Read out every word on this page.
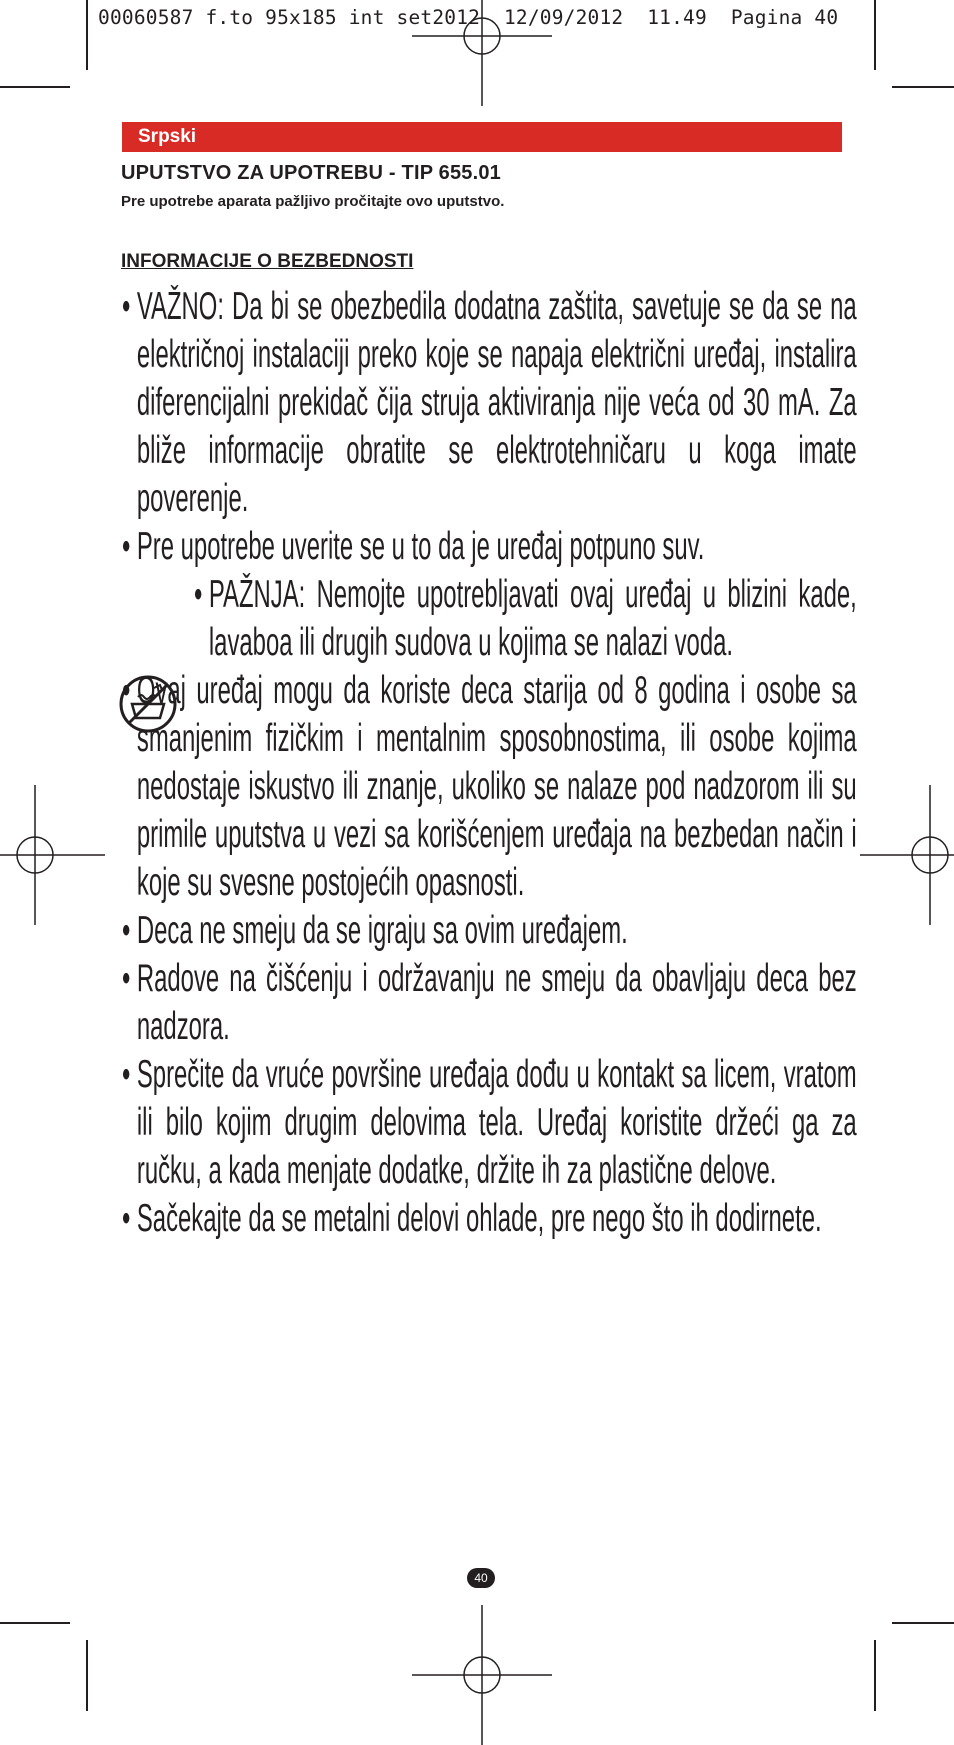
00060587 f.to 95x185 int set2012  12/09/2012  11.49  Pagina 40
Srpski
UPUTSTVO ZA UPOTREBU - TIP 655.01
Pre upotrebe aparata pažljivo pročitajte ovo uputstvo.
INFORMACIJE O BEZBEDNOSTI
• VAŽNO: Da bi se obezbedila dodatna zaštita, savetuje se da se na električnoj instalaciji preko koje se napaja električni uređaj, instalira diferencijalni prekidač čija struja aktiviranja nije veća od 30 mA. Za bliže informacije obratite se elektrotehničaru u koga imate poverenje.
• Pre upotrebe uverite se u to da je uređaj potpuno suv.
• PAŽNJA: Nemojte upotrebljavati ovaj uređaj u blizini kade, lavaboa ili drugih sudova u kojima se nalazi voda.
• Ovaj uređaj mogu da koriste deca starija od 8 godina i osobe sa smanjenim fizičkim i mentalnim sposobnostima, ili osobe kojima nedostaje iskustvo ili znanje, ukoliko se nalaze pod nadzorom ili su primile uputstva u vezi sa korišćenjem uređaja na bezbedan način i koje su svesne postojećih opasnosti.
• Deca ne smeju da se igraju sa ovim uređajem.
• Radove na čišćenju i održavanju ne smeju da obavljaju deca bez nadzora.
• Sprečite da vruće površine uređaja dođu u kontakt sa licem, vratom ili bilo kojim drugim delovima tela. Uređaj koristite držeći ga za ručku, a kada menjate dodatke, držite ih za plastične delove.
• Sačekajte da se metalni delovi ohlade, pre nego što ih dodirnete.
40
